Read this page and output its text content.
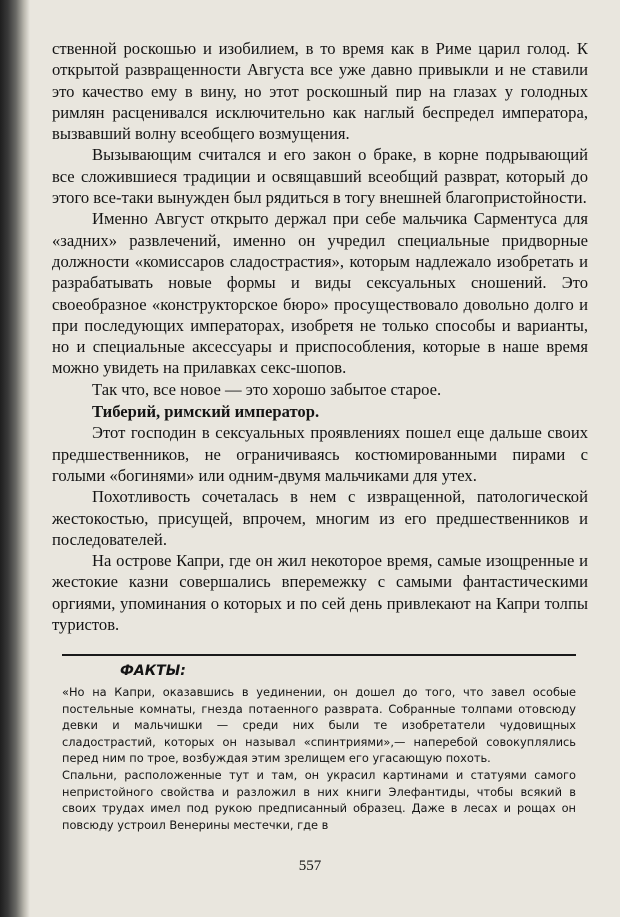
ственной роскошью и изобилием, в то время как в Риме царил голод. К открытой развращенности Августа все уже давно привыкли и не ставили это качество ему в вину, но этот роскошный пир на глазах у голодных римлян расценивался исключительно как наглый беспредел императора, вызвавший волну всеобщего возмущения.

Вызывающим считался и его закон о браке, в корне подрывающий все сложившиеся традиции и освящавший всеобщий разврат, который до этого все-таки вынужден был рядиться в тогу внешней благопристойности.

Именно Август открыто держал при себе мальчика Сарментуса для «задних» развлечений, именно он учредил специальные придворные должности «комиссаров сладострастия», которым надлежало изобретать и разрабатывать новые формы и виды сексуальных сношений. Это своеобразное «конструкторское бюро» просуществовало довольно долго и при последующих императорах, изобретя не только способы и варианты, но и специальные аксессуары и приспособления, которые в наше время можно увидеть на прилавках секс-шопов.

Так что, все новое — это хорошо забытое старое.

Тиберий, римский император.

Этот господин в сексуальных проявлениях пошел еще дальше своих предшественников, не ограничиваясь костюмированными пирами с голыми «богинями» или одним-двумя мальчиками для утех.

Похотливость сочеталась в нем с извращенной, патологической жестокостью, присущей, впрочем, многим из его предшественников и последователей.

На острове Капри, где он жил некоторое время, самые изощренные и жестокие казни совершались вперемежку с самыми фантастическими оргиями, упоминания о которых и по сей день привлекают на Капри толпы туристов.

ФАКТЫ:

«Но на Капри, оказавшись в уединении, он дошел до того, что завел особые постельные комнаты, гнезда потаенного разврата. Собранные толпами отовсюду девки и мальчишки — среди них были те изобретатели чудовищных сладострастий, которых он называл «спинтриями»,— наперебой совокуплялись перед ним по трое, возбуждая этим зрелищем его угасающую похоть.

Спальни, расположенные тут и там, он украсил картинами и статуями самого непристойного свойства и разложил в них книги Элефантиды, чтобы всякий в своих трудах имел под рукою предписанный образец. Даже в лесах и рощах он повсюду устроил Венерины местечки, где в

557
